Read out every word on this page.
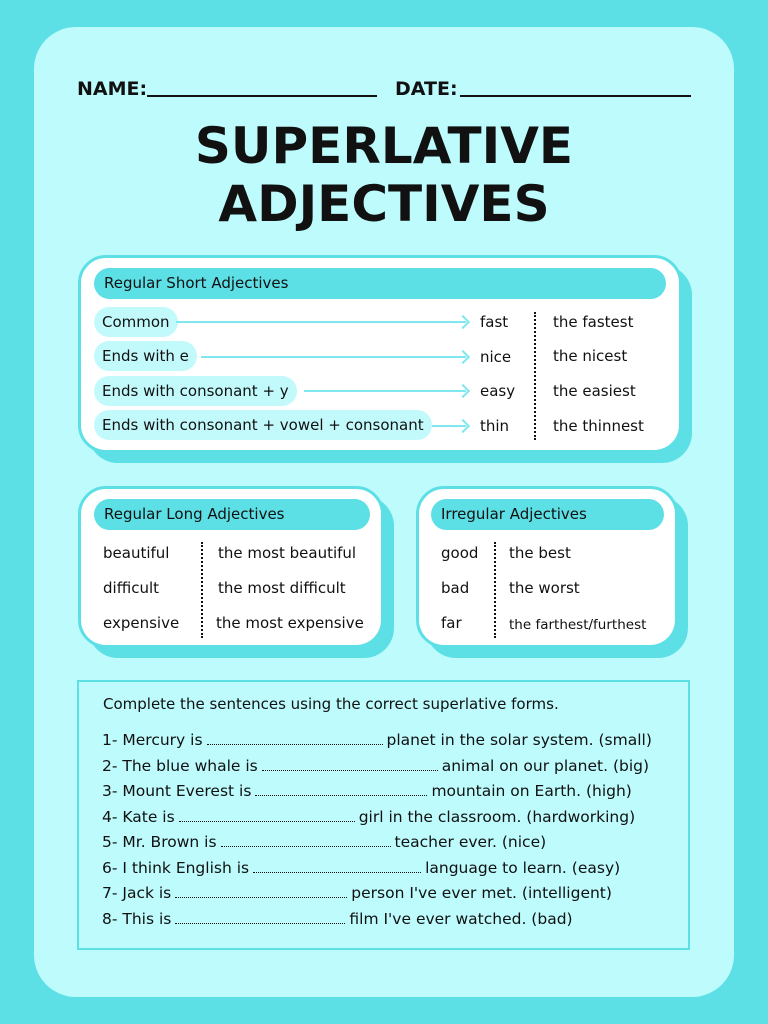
NAME:	DATE:
SUPERLATIVE
ADJECTIVES
Regular Short Adjectives
Common	fast	the fastest
Ends with e	nice	the nicest
Ends with consonant + y	easy	the easiest
Ends with consonant + vowel + consonant	thin	the thinnest
Regular Long Adjectives
beautiful	the most beautiful
difficult	the most difficult
expensive the most expensive
Irregular Adjectives
good the best
bad	the worst
far	the farthest/furthest
Complete the sentences using the correct superlative forms.
1- Mercury is	planet in the solar system. (small)
2- The blue whale is	animal on our planet. (big)
3- Mount Everest is	mountain on Earth. (high)
4- Kate is	girl in the classroom. (hardworking)
5- Mr. Brown is	teacher ever. (nice)
6- I think English is	language to learn. (easy)
7- Jack is	person I've ever met. (intelligent)
8- This is	film I've ever watched. (bad)
